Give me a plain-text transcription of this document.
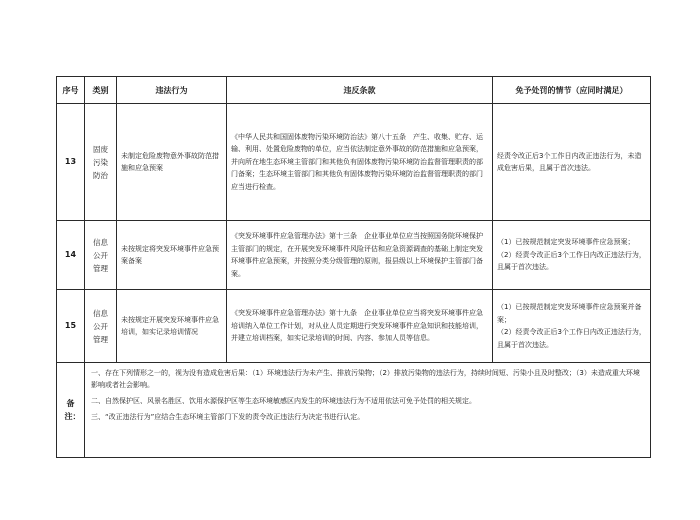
序号	类别	违法行为	违反条款	免予处罚的情节（应同时满足）
13	固废污染防治	未制定危险废物意外事故防范措施和应急预案	《中华人民共和国固体废物污染环境防治法》第八十五条　产生、收集、贮存、运输、利用、处置危险废物的单位，应当依法制定意外事故的防范措施和应急预案，并向所在地生态环境主管部门和其他负有固体废物污染环境防治监督管理职责的部门备案；生态环境主管部门和其他负有固体废物污染环境防治监督管理职责的部门应当进行检查。	经责令改正后3个工作日内改正违法行为，未造成危害后果，且属于首次违法。

14	信息公开管理	未按规定将突发环境事件应急预案备案	《突发环境事件应急管理办法》第十三条　企业事业单位应当按照国务院环境保护主管部门的规定，在开展突发环境事件风险评估和应急资源调查的基础上制定突发环境事件应急预案，并按照分类分级管理的原则，报县级以上环境保护主管部门备案。	（1）已按规范制定突发环境事件应急预案；

（2）经责令改正后3个工作日内改正违法行为，且属于首次违法。

15	信息公开管理	未按规定开展突发环境事件应急培训，如实记录培训情况	《突发环境事件应急管理办法》第十九条　企业事业单位应当将突发环境事件应急培训纳入单位工作计划，对从业人员定期进行突发环境事件应急知识和技能培训，并建立培训档案，如实记录培训的时间、内容、参加人员等信息。	（1）已按规范制定突发环境事件应急预案并备案；

（2）经责令改正后3个工作日内改正违法行为，且属于首次违法。

备注：	一、存在下列情形之一的，视为没有造成危害后果：（1）环境违法行为未产生、排放污染物；（2）排放污染物的违法行为，持续时间短、污染小且及时整改；（3）未造成重大环境影响或者社会影响。

二、自然保护区、风景名胜区、饮用水源保护区等生态环境敏感区内发生的环境违法行为不适用依法可免予处罚的相关规定。

三、“改正违法行为”应结合生态环境主管部门下发的责令改正违法行为决定书进行认定。			
